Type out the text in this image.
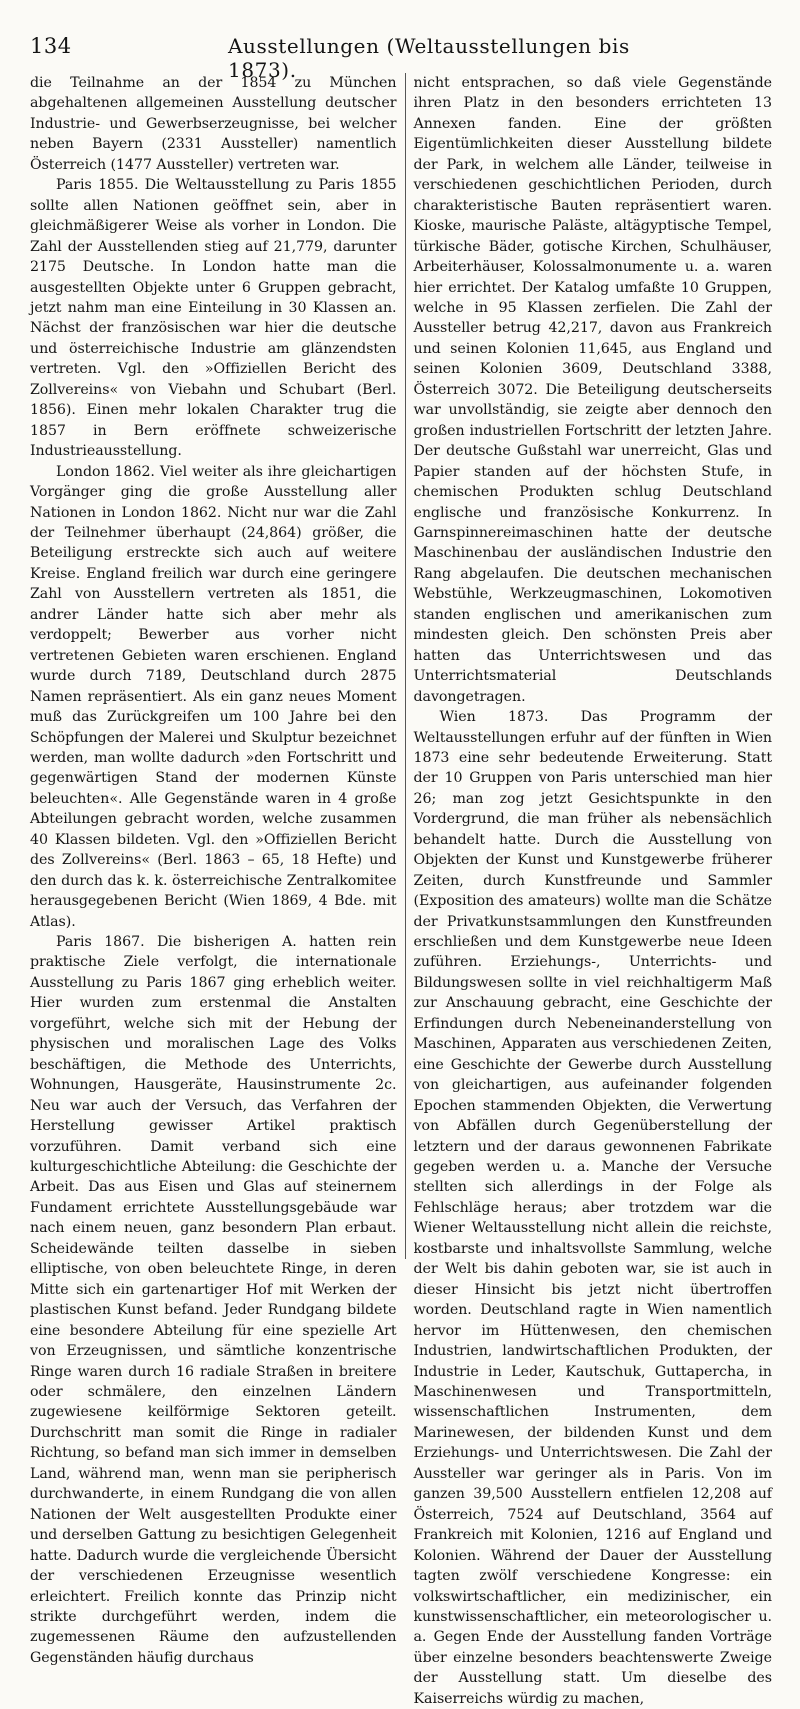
134	Ausstellungen (Weltausstellungen bis 1873).

die Teilnahme an der 1854 zu München abgehaltenen allgemeinen Ausstellung deutscher Industrie- und Gewerbserzeugnisse, bei welcher neben Bayern (2331 Aussteller) namentlich Österreich (1477 Aussteller) vertreten war.

Paris 1855. Die Weltausstellung zu Paris 1855 sollte allen Nationen geöffnet sein, aber in gleichmäßigerer Weise als vorher in London. Die Zahl der Ausstellenden stieg auf 21,779, darunter 2175 Deutsche. In London hatte man die ausgestellten Objekte unter 6 Gruppen gebracht, jetzt nahm man eine Einteilung in 30 Klassen an. Nächst der französischen war hier die deutsche und österreichische Industrie am glänzendsten vertreten. Vgl. den »Offiziellen Bericht des Zollvereins« von Viebahn und Schubart (Berl. 1856). Einen mehr lokalen Charakter trug die 1857 in Bern eröffnete schweizerische Industrieausstellung.

London 1862. Viel weiter als ihre gleichartigen Vorgänger ging die große Ausstellung aller Nationen in London 1862. Nicht nur war die Zahl der Teilnehmer überhaupt (24,864) größer, die Beteiligung erstreckte sich auch auf weitere Kreise. England freilich war durch eine geringere Zahl von Ausstellern vertreten als 1851, die andrer Länder hatte sich aber mehr als verdoppelt; Bewerber aus vorher nicht vertretenen Gebieten waren erschienen. England wurde durch 7189, Deutschland durch 2875 Namen repräsentiert. Als ein ganz neues Moment muß das Zurückgreifen um 100 Jahre bei den Schöpfungen der Malerei und Skulptur bezeichnet werden, man wollte dadurch »den Fortschritt und gegenwärtigen Stand der modernen Künste beleuchten«. Alle Gegenstände waren in 4 große Abteilungen gebracht worden, welche zusammen 40 Klassen bildeten. Vgl. den »Offiziellen Bericht des Zollvereins« (Berl. 1863 – 65, 18 Hefte) und den durch das k. k. österreichische Zentralkomitee herausgegebenen Bericht (Wien 1869, 4 Bde. mit Atlas).

Paris 1867. Die bisherigen A. hatten rein praktische Ziele verfolgt, die internationale Ausstellung zu Paris 1867 ging erheblich weiter. Hier wurden zum erstenmal die Anstalten vorgeführt, welche sich mit der Hebung der physischen und moralischen Lage des Volks beschäftigen, die Methode des Unterrichts, Wohnungen, Hausgeräte, Hausinstrumente 2c. Neu war auch der Versuch, das Verfahren der Herstellung gewisser Artikel praktisch vorzuführen. Damit verband sich eine kulturgeschichtliche Abteilung: die Geschichte der Arbeit. Das aus Eisen und Glas auf steinernem Fundament errichtete Ausstellungsgebäude war nach einem neuen, ganz besondern Plan erbaut. Scheidewände teilten dasselbe in sieben elliptische, von oben beleuchtete Ringe, in deren Mitte sich ein gartenartiger Hof mit Werken der plastischen Kunst befand. Jeder Rundgang bildete eine besondere Abteilung für eine spezielle Art von Erzeugnissen, und sämtliche konzentrische Ringe waren durch 16 radiale Straßen in breitere oder schmälere, den einzelnen Ländern zugewiesene keilförmige Sektoren geteilt. Durchschritt man somit die Ringe in radialer Richtung, so befand man sich immer in demselben Land, während man, wenn man sie peripherisch durchwanderte, in einem Rundgang die von allen Nationen der Welt ausgestellten Produkte einer und derselben Gattung zu besichtigen Gelegenheit hatte. Dadurch wurde die vergleichende Übersicht der verschiedenen Erzeugnisse wesentlich erleichtert. Freilich konnte das Prinzip nicht strikte durchgeführt werden, indem die zugemessenen Räume den aufzustellenden Gegenständen häufig durchaus

nicht entsprachen, so daß viele Gegenstände ihren Platz in den besonders errichteten 13 Annexen fanden. Eine der größten Eigentümlichkeiten dieser Ausstellung bildete der Park, in welchem alle Länder, teilweise in verschiedenen geschichtlichen Perioden, durch charakteristische Bauten repräsentiert waren. Kioske, maurische Paläste, altägyptische Tempel, türkische Bäder, gotische Kirchen, Schulhäuser, Arbeiterhäuser, Kolossalmonumente u. a. waren hier errichtet. Der Katalog umfaßte 10 Gruppen, welche in 95 Klassen zerfielen. Die Zahl der Aussteller betrug 42,217, davon aus Frankreich und seinen Kolonien 11,645, aus England und seinen Kolonien 3609, Deutschland 3388, Österreich 3072. Die Beteiligung deutscherseits war unvollständig, sie zeigte aber dennoch den großen industriellen Fortschritt der letzten Jahre. Der deutsche Gußstahl war unerreicht, Glas und Papier standen auf der höchsten Stufe, in chemischen Produkten schlug Deutschland englische und französische Konkurrenz. In Garnspinnereimaschinen hatte der deutsche Maschinenbau der ausländischen Industrie den Rang abgelaufen. Die deutschen mechanischen Webstühle, Werkzeugmaschinen, Lokomotiven standen englischen und amerikanischen zum mindesten gleich. Den schönsten Preis aber hatten das Unterrichtswesen und das Unterrichtsmaterial Deutschlands davongetragen.

Wien 1873. Das Programm der Weltausstellungen erfuhr auf der fünften in Wien 1873 eine sehr bedeutende Erweiterung. Statt der 10 Gruppen von Paris unterschied man hier 26; man zog jetzt Gesichtspunkte in den Vordergrund, die man früher als nebensächlich behandelt hatte. Durch die Ausstellung von Objekten der Kunst und Kunstgewerbe früherer Zeiten, durch Kunstfreunde und Sammler (Exposition des amateurs) wollte man die Schätze der Privatkunstsammlungen den Kunstfreunden erschließen und dem Kunstgewerbe neue Ideen zuführen. Erziehungs-, Unterrichts- und Bildungswesen sollte in viel reichhaltigerm Maß zur Anschauung gebracht, eine Geschichte der Erfindungen durch Nebeneinanderstellung von Maschinen, Apparaten aus verschiedenen Zeiten, eine Geschichte der Gewerbe durch Ausstellung von gleichartigen, aus aufeinander folgenden Epochen stammenden Objekten, die Verwertung von Abfällen durch Gegenüberstellung der letztern und der daraus gewonnenen Fabrikate gegeben werden u. a. Manche der Versuche stellten sich allerdings in der Folge als Fehlschläge heraus; aber trotzdem war die Wiener Weltausstellung nicht allein die reichste, kostbarste und inhaltsvollste Sammlung, welche der Welt bis dahin geboten war, sie ist auch in dieser Hinsicht bis jetzt nicht übertroffen worden. Deutschland ragte in Wien namentlich hervor im Hüttenwesen, den chemischen Industrien, landwirtschaftlichen Produkten, der Industrie in Leder, Kautschuk, Guttapercha, in Maschinenwesen und Transportmitteln, wissenschaftlichen Instrumenten, dem Marinewesen, der bildenden Kunst und dem Erziehungs- und Unterrichtswesen. Die Zahl der Aussteller war geringer als in Paris. Von im ganzen 39,500 Ausstellern entfielen 12,208 auf Österreich, 7524 auf Deutschland, 3564 auf Frankreich mit Kolonien, 1216 auf England und Kolonien. Während der Dauer der Ausstellung tagten zwölf verschiedene Kongresse: ein volkswirtschaftlicher, ein medizinischer, ein kunstwissenschaftlicher, ein meteorologischer u. a. Gegen Ende der Ausstellung fanden Vorträge über einzelne besonders beachtenswerte Zweige der Ausstellung statt. Um dieselbe des Kaiserreichs würdig zu machen,
